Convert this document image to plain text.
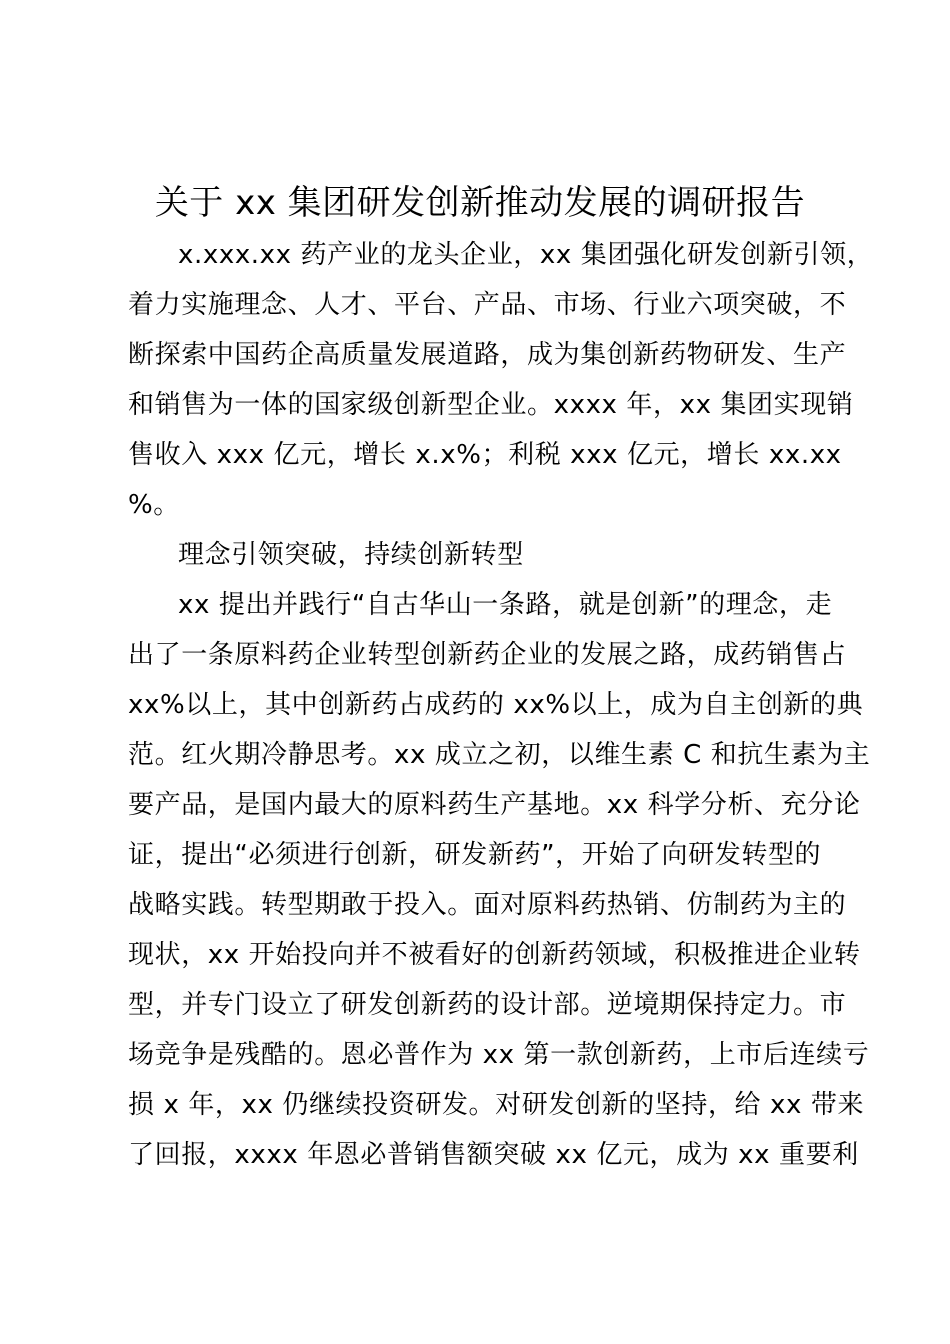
关于 xx 集团研发创新推动发展的调研报告
x.xxx.xx 药产业的龙头企业，xx 集团强化研发创新引领，
着力实施理念、人才、平台、产品、市场、行业六项突破，不
断探索中国药企高质量发展道路，成为集创新药物研发、生产
和销售为一体的国家级创新型企业。xxxx 年，xx 集团实现销
售收入 xxx 亿元，增长 x.x%；利税 xxx 亿元，增长 xx.xx
%。
理念引领突破，持续创新转型
xx 提出并践行“自古华山一条路，就是创新”的理念，走
出了一条原料药企业转型创新药企业的发展之路，成药销售占
xx%以上，其中创新药占成药的 xx%以上，成为自主创新的典
范。红火期冷静思考。xx 成立之初，以维生素 C 和抗生素为主
要产品，是国内最大的原料药生产基地。xx 科学分析、充分论
证，提出“必须进行创新，研发新药”，开始了向研发转型的
战略实践。转型期敢于投入。面对原料药热销、仿制药为主的
现状，xx 开始投向并不被看好的创新药领域，积极推进企业转
型，并专门设立了研发创新药的设计部。逆境期保持定力。市
场竞争是残酷的。恩必普作为 xx 第一款创新药，上市后连续亏
损 x 年，xx 仍继续投资研发。对研发创新的坚持，给 xx 带来
了回报，xxxx 年恩必普销售额突破 xx 亿元，成为 xx 重要利
